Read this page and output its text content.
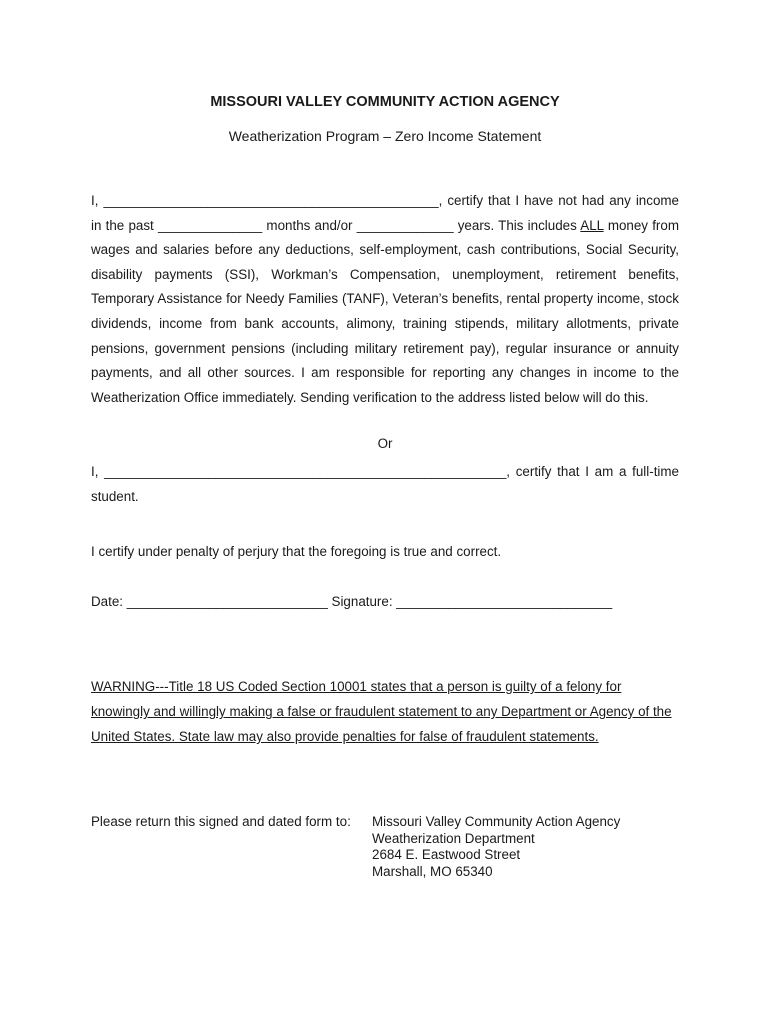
MISSOURI VALLEY COMMUNITY ACTION AGENCY
Weatherization Program – Zero Income Statement
I, _____________________________________________, certify that I have not had any income in the past ______________ months and/or _____________ years. This includes ALL money from wages and salaries before any deductions, self-employment, cash contributions, Social Security, disability payments (SSI), Workman’s Compensation, unemployment, retirement benefits, Temporary Assistance for Needy Families (TANF), Veteran’s benefits, rental property income, stock dividends, income from bank accounts, alimony, training stipends, military allotments, private pensions, government pensions (including military retirement pay), regular insurance or annuity payments, and all other sources. I am responsible for reporting any changes in income to the Weatherization Office immediately. Sending verification to the address listed below will do this.
Or
I, ______________________________________________________, certify that I am a full-time student.
I certify under penalty of perjury that the foregoing is true and correct.
Date: ___________________________ Signature: _____________________________
WARNING---Title 18 US Coded Section 10001 states that a person is guilty of a felony for knowingly and willingly making a false or fraudulent statement to any Department or Agency of the United States. State law may also provide penalties for false of fraudulent statements.
Please return this signed and dated form to: Missouri Valley Community Action Agency
Weatherization Department
2684 E. Eastwood Street
Marshall, MO 65340
